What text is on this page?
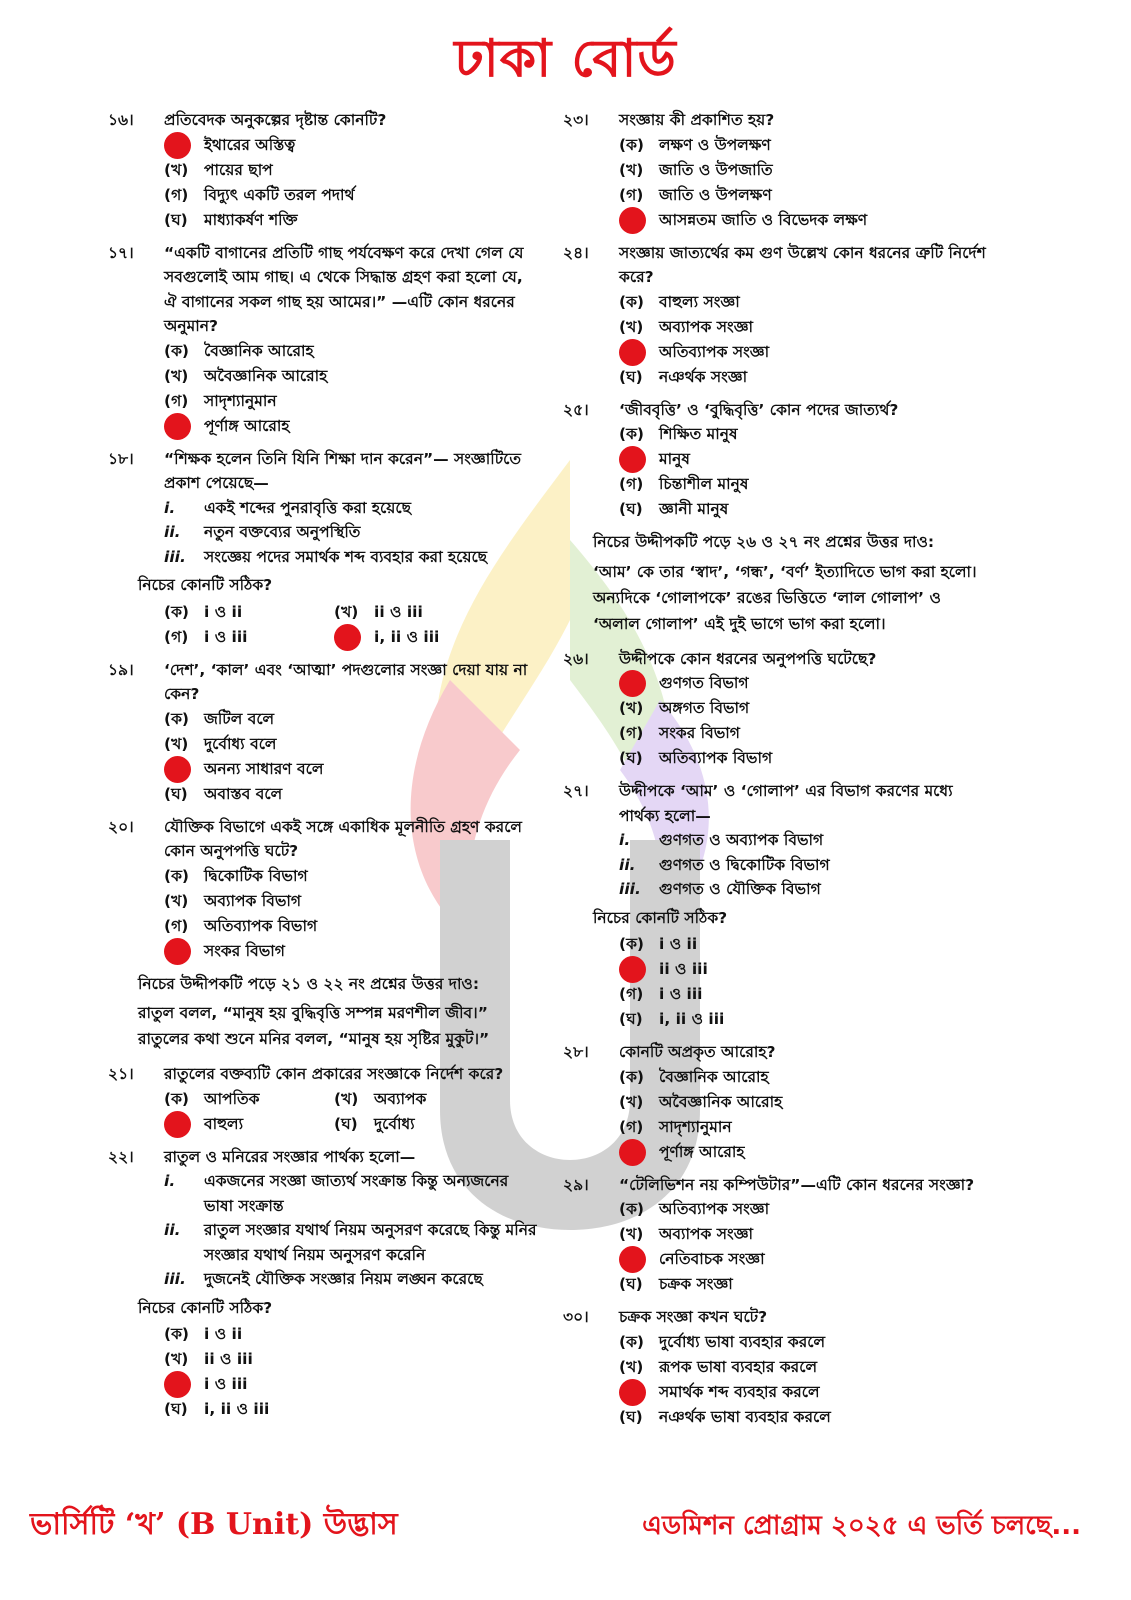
ঢাকা বোর্ড
১৬।	প্রতিবেদক অনুকল্পের দৃষ্টান্ত কোনটি?
ইথারের অস্তিত্ব
(খ)	পায়ের ছাপ
(গ)	বিদ্যুৎ একটি তরল পদার্থ
(ঘ)	মাধ্যাকর্ষণ শক্তি
১৭।	“একটি বাগানের প্রতিটি গাছ পর্যবেক্ষণ করে দেখা গেল যে সবগুলোই আম গাছ। এ থেকে সিদ্ধান্ত গ্রহণ করা হলো যে, ঐ বাগানের সকল গাছ হয় আমের।” —এটি কোন ধরনের অনুমান?
(ক) বৈজ্ঞানিক আরোহ
(খ)	অবৈজ্ঞানিক আরোহ
(গ)	সাদৃশ্যানুমান
পূর্ণাঙ্গ আরোহ
১৮।	“শিক্ষক হলেন তিনি যিনি শিক্ষা দান করেন”— সংজ্ঞাটিতে প্রকাশ পেয়েছে—
i.	একই শব্দের পুনরাবৃত্তি করা হয়েছে
ii.	নতুন বক্তব্যের অনুপস্থিতি
iii.	সংজ্ঞেয় পদের সমার্থক শব্দ ব্যবহার করা হয়েছে
নিচের কোনটি সঠিক?
(ক) i ও ii	(খ)	ii ও iii
(গ)	i ও iii	i, ii ও iii
১৯।	‘দেশ’, ‘কাল’ এবং ‘আত্মা’ পদগুলোর সংজ্ঞা দেয়া যায় না কেন?
(ক) জটিল বলে
(খ)	দুর্বোধ্য বলে
অনন্য সাধারণ বলে
(ঘ)	অবাস্তব বলে
২০।	যৌক্তিক বিভাগে একই সঙ্গে একাধিক মূলনীতি গ্রহণ করলে কোন অনুপপত্তি ঘটে?
(ক) দ্বিকোটিক বিভাগ
(খ)	অব্যাপক বিভাগ
(গ)	অতিব্যাপক বিভাগ
সংকর বিভাগ
নিচের উদ্দীপকটি পড়ে ২১ ও ২২ নং প্রশ্নের উত্তর দাও:
রাতুল বলল, “মানুষ হয় বুদ্ধিবৃত্তি সম্পন্ন মরণশীল জীব।” রাতুলের কথা শুনে মনির বলল, “মানুষ হয় সৃষ্টির মুকুট।”
২১।	রাতুলের বক্তব্যটি কোন প্রকারের সংজ্ঞাকে নির্দেশ করে?
(ক) আপতিক	(খ)	অব্যাপক
বাহুল্য	(ঘ)	দুর্বোধ্য
২২।	রাতুল ও মনিরের সংজ্ঞার পার্থক্য হলো—
i.	একজনের সংজ্ঞা জাত্যর্থ সংক্রান্ত কিন্তু অন্যজনের ভাষা সংক্রান্ত
ii.	রাতুল সংজ্ঞার যথার্থ নিয়ম অনুসরণ করেছে কিন্তু মনির সংজ্ঞার যথার্থ নিয়ম অনুসরণ করেনি
iii.	দুজনেই যৌক্তিক সংজ্ঞার নিয়ম লঙ্ঘন করেছে
নিচের কোনটি সঠিক?
(ক) i ও ii
(খ)	ii ও iii
i ও iii
(ঘ)	i, ii ও iii
২৩।	সংজ্ঞায় কী প্রকাশিত হয়?
(ক) লক্ষণ ও উপলক্ষণ
(খ)	জাতি ও উপজাতি
(গ)	জাতি ও উপলক্ষণ
আসন্নতম জাতি ও বিভেদক লক্ষণ
২৪।	সংজ্ঞায় জাত্যর্থের কম গুণ উল্লেখ কোন ধরনের ত্রুটি নির্দেশ করে?
(ক) বাহুল্য সংজ্ঞা
(খ)	অব্যাপক সংজ্ঞা
অতিব্যাপক সংজ্ঞা
(ঘ)	নঞর্থক সংজ্ঞা
২৫।	‘জীববৃত্তি’ ও ‘বুদ্ধিবৃত্তি’ কোন পদের জাত্যর্থ?
(ক) শিক্ষিত মানুষ
মানুষ
(গ)	চিন্তাশীল মানুষ
(ঘ)	জ্ঞানী মানুষ
নিচের উদ্দীপকটি পড়ে ২৬ ও ২৭ নং প্রশ্নের উত্তর দাও:
‘আম’ কে তার ‘স্বাদ’, ‘গন্ধ’, ‘বর্ণ’ ইত্যাদিতে ভাগ করা হলো। অন্যদিকে ‘গোলাপকে’ রঙের ভিত্তিতে ‘লাল গোলাপ’ ও ‘অলাল গোলাপ’ এই দুই ভাগে ভাগ করা হলো।
২৬।	উদ্দীপকে কোন ধরনের অনুপপত্তি ঘটেছে?
গুণগত বিভাগ
(খ)	অঙ্গগত বিভাগ
(গ)	সংকর বিভাগ
(ঘ)	অতিব্যাপক বিভাগ
২৭।	উদ্দীপকে ‘আম’ ও ‘গোলাপ’ এর বিভাগ করণের মধ্যে পার্থক্য হলো—
i.	গুণগত ও অব্যাপক বিভাগ
ii.	গুণগত ও দ্বিকোটিক বিভাগ
iii.	গুণগত ও যৌক্তিক বিভাগ
নিচের কোনটি সঠিক?
(ক) i ও ii
ii ও iii
(গ)	i ও iii
(ঘ)	i, ii ও iii
২৮।	কোনটি অপ্রকৃত আরোহ?
(ক) বৈজ্ঞানিক আরোহ
(খ)	অবৈজ্ঞানিক আরোহ
(গ)	সাদৃশ্যানুমান
পূর্ণাঙ্গ আরোহ
২৯।	“টেলিভিশন নয় কম্পিউটার”—এটি কোন ধরনের সংজ্ঞা?
(ক) অতিব্যাপক সংজ্ঞা
(খ)	অব্যাপক সংজ্ঞা
নেতিবাচক সংজ্ঞা
(ঘ)	চক্রক সংজ্ঞা
৩০।	চক্রক সংজ্ঞা কখন ঘটে?
(ক) দুর্বোধ্য ভাষা ব্যবহার করলে
(খ)	রূপক ভাষা ব্যবহার করলে
সমার্থক শব্দ ব্যবহার করলে
(ঘ)	নঞর্থক ভাষা ব্যবহার করলে
ভার্সিটি ‘খ’ (B Unit) উদ্ভাস	এডমিশন প্রোগ্রাম ২০২৫ এ ভর্তি চলছে...
